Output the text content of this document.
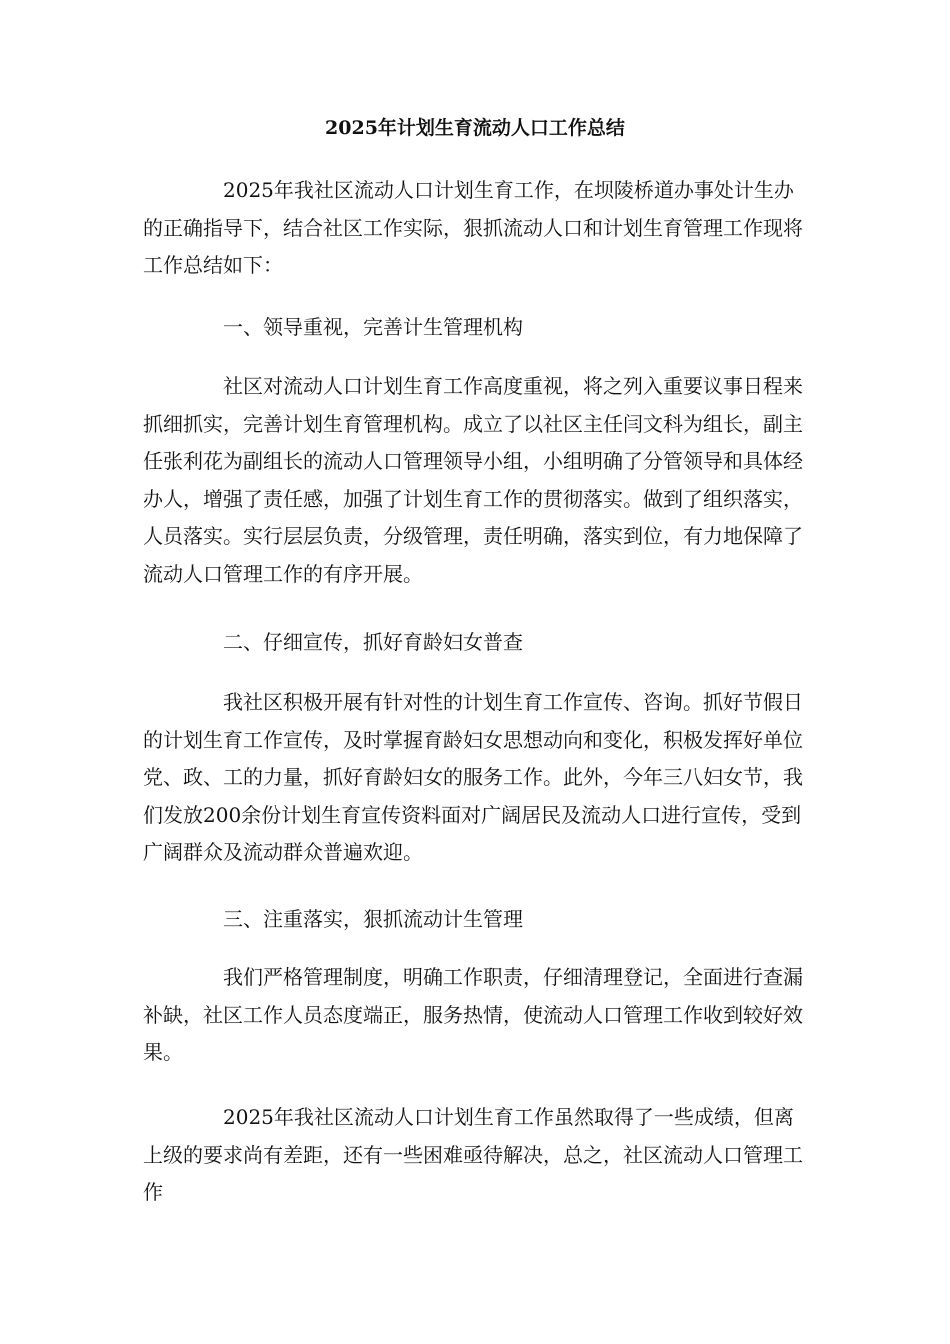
2025年计划生育流动人口工作总结

2025年我社区流动人口计划生育工作，在坝陵桥道办事处计生办的正确指导下，结合社区工作实际，狠抓流动人口和计划生育管理工作现将工作总结如下：

一、领导重视，完善计生管理机构

社区对流动人口计划生育工作高度重视，将之列入重要议事日程来抓细抓实，完善计划生育管理机构。成立了以社区主任闫文科为组长，副主任张利花为副组长的流动人口管理领导小组，小组明确了分管领导和具体经办人，增强了责任感，加强了计划生育工作的贯彻落实。做到了组织落实，人员落实。实行层层负责，分级管理，责任明确，落实到位，有力地保障了流动人口管理工作的有序开展。

二、仔细宣传，抓好育龄妇女普查

我社区积极开展有针对性的计划生育工作宣传、咨询。抓好节假日的计划生育工作宣传，及时掌握育龄妇女思想动向和变化，积极发挥好单位党、政、工的力量，抓好育龄妇女的服务工作。此外，今年三八妇女节，我们发放200余份计划生育宣传资料面对广阔居民及流动人口进行宣传，受到广阔群众及流动群众普遍欢迎。

三、注重落实，狠抓流动计生管理

我们严格管理制度，明确工作职责，仔细清理登记，全面进行查漏补缺，社区工作人员态度端正，服务热情，使流动人口管理工作收到较好效果。

2025年我社区流动人口计划生育工作虽然取得了一些成绩，但离上级的要求尚有差距，还有一些困难亟待解决，总之，社区流动人口管理工作
